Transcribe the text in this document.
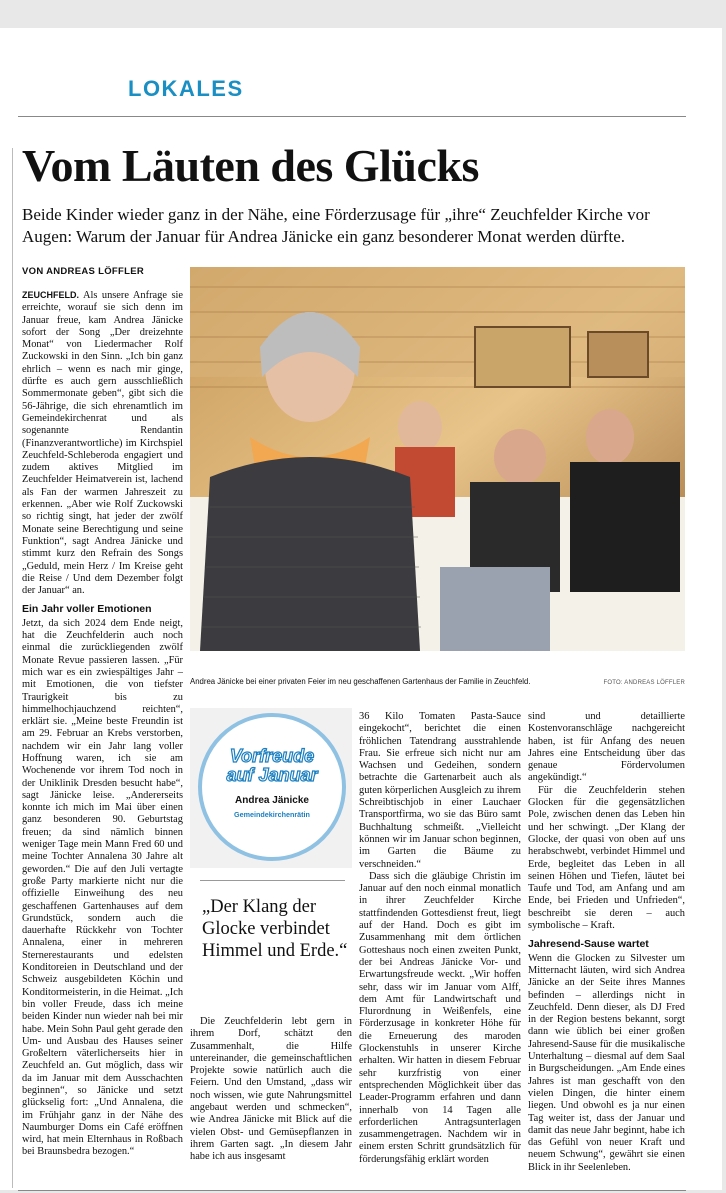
LOKALES
Vom Läuten des Glücks
Beide Kinder wieder ganz in der Nähe, eine Förderzusage für „ihre“ Zeuchfelder Kirche vor Augen: Warum der Januar für Andrea Jänicke ein ganz besonderer Monat werden dürfte.
VON ANDREAS LÖFFLER

ZEUCHFELD. Als unsere Anfrage sie erreichte, worauf sie sich denn im Januar freue, kam Andrea Jänicke sofort der Song „Der dreizehnte Monat“ von Liedermacher Rolf Zuckowski in den Sinn. „Ich bin ganz ehrlich – wenn es nach mir ginge, dürfte es auch gern ausschließlich Sommermonate geben“, gibt sich die 56-Jährige, die sich ehrenamtlich im Gemeindekirchenrat und als sogenannte Rendantin (Finanzverantwortliche) im Kirchspiel Zeuchfeld-Schleberoda engagiert und zudem aktives Mitglied im Zeuchfelder Heimatverein ist, lachend als Fan der warmen Jahreszeit zu erkennen. „Aber wie Rolf Zuckowski so richtig singt, hat jeder der zwölf Monate seine Berechtigung und seine Funktion“, sagt Andrea Jänicke und stimmt kurz den Refrain des Songs „Geduld, mein Herz / Im Kreise geht die Reise / Und dem Dezember folgt der Januar“ an.

Ein Jahr voller Emotionen

Jetzt, da sich 2024 dem Ende neigt, hat die Zeuchfelderin auch noch einmal die zurückliegenden zwölf Monate Revue passieren lassen. „Für mich war es ein zwiespältiges Jahr – mit Emotionen, die von tiefster Traurigkeit bis zu himmelhochjauchzend reichten“, erklärt sie. „Meine beste Freundin ist am 29. Februar an Krebs verstorben, nachdem wir ein Jahr lang voller Hoffnung waren, ich sie am Wochenende vor ihrem Tod noch in der Uniklinik Dresden besucht habe“, sagt Jänicke leise. „Andererseits konnte ich mich im Mai über einen ganz besonderen 90. Geburtstag freuen; da sind nämlich binnen weniger Tage mein Mann Fred 60 und meine Tochter Annalena 30 Jahre alt geworden.“ Die auf den Juli vertagte große Party markierte nicht nur die offizielle Einweihung des neu geschaffenen Gartenhauses auf dem Grundstück, sondern auch die dauerhafte Rückkehr von Tochter Annalena, einer in mehreren Sternerestaurants und edelsten Konditoreien in Deutschland und der Schweiz ausgebildeten Köchin und Konditormeisterin, in die Heimat. „Ich bin voller Freude, dass ich meine beiden Kinder nun wieder nah bei mir habe. Mein Sohn Paul geht gerade den Um- und Ausbau des Hauses seiner Großeltern väterlicherseits hier in Zeuchfeld an. Gut möglich, dass wir da im Januar mit dem Ausschachten beginnen“, so Jänicke und setzt glückselig fort: „Und Annalena, die im Frühjahr ganz in der Nähe des Naumburger Doms ein Café eröffnen wird, hat mein Elternhaus in Roßbach bei Braunsbedra bezogen.“

Andrea Jänicke bei einer privaten Feier im neu geschaffenen Gartenhaus der Familie in Zeuchfeld.	FOTO: ANDREAS LÖFFLER
Vorfreude
auf Januar
Andrea Jänicke
Gemeindekirchenrätin
„Der Klang der Glocke verbindet Himmel und Erde.“

Die Zeuchfelderin lebt gern in ihrem Dorf, schätzt den Zusammenhalt, die Hilfe untereinander, die gemeinschaftlichen Projekte sowie natürlich auch die Feiern. Und den Umstand, „dass wir noch wissen, wie gute Nahrungsmittel angebaut werden und schmecken“, wie Andrea Jänicke mit Blick auf die vielen Obst- und Gemüsepflanzen in ihrem Garten sagt. „In diesem Jahr habe ich aus insgesamt

36 Kilo Tomaten Pasta-Sauce eingekocht“, berichtet die einen fröhlichen Tatendrang ausstrahlende Frau. Sie erfreue sich nicht nur am Wachsen und Gedeihen, sondern betrachte die Gartenarbeit auch als guten körperlichen Ausgleich zu ihrem Schreibtischjob in einer Lauchaer Transportfirma, wo sie das Büro samt Buchhaltung schmeißt. „Vielleicht können wir im Januar schon beginnen, im Garten die Bäume zu verschneiden.“

Dass sich die gläubige Christin im Januar auf den noch einmal monatlich in ihrer Zeuchfelder Kirche stattfindenden Gottesdienst freut, liegt auf der Hand. Doch es gibt im Zusammenhang mit dem örtlichen Gotteshaus noch einen zweiten Punkt, der bei Andreas Jänicke Vor- und Erwartungsfreude weckt. „Wir hoffen sehr, dass wir im Januar vom Alff, dem Amt für Landwirtschaft und Flurordnung in Weißenfels, eine Förderzusage in konkreter Höhe für die Erneuerung des maroden Glockenstuhls in unserer Kirche erhalten. Wir hatten in diesem Februar sehr kurzfristig von einer entsprechenden Möglichkeit über das Leader-Programm erfahren und dann innerhalb von 14 Tagen alle erforderlichen Antragsunterlagen zusammengetragen. Nachdem wir in einem ersten Schritt grundsätzlich für förderungsfähig erklärt worden

sind und detaillierte Kostenvoranschläge nachgereicht haben, ist für Anfang des neuen Jahres eine Entscheidung über das genaue Fördervolumen angekündigt.“

Für die Zeuchfelderin stehen Glocken für die gegensätzlichen Pole, zwischen denen das Leben hin und her schwingt. „Der Klang der Glocke, der quasi von oben auf uns herabschwebt, verbindet Himmel und Erde, begleitet das Leben in all seinen Höhen und Tiefen, läutet bei Taufe und Tod, am Anfang und am Ende, bei Frieden und Unfrieden“, beschreibt sie deren – auch symbolische – Kraft.

Jahresend-Sause wartet

Wenn die Glocken zu Silvester um Mitternacht läuten, wird sich Andrea Jänicke an der Seite ihres Mannes befinden – allerdings nicht in Zeuchfeld. Denn dieser, als DJ Fred in der Region bestens bekannt, sorgt dann wie üblich bei einer großen Jahresend-Sause für die musikalische Unterhaltung – diesmal auf dem Saal in Burgscheidungen. „Am Ende eines Jahres ist man geschafft von den vielen Dingen, die hinter einem liegen. Und obwohl es ja nur einen Tag weiter ist, dass der Januar und damit das neue Jahr beginnt, habe ich das Gefühl von neuer Kraft und neuem Schwung“, gewährt sie einen Blick in ihr Seelenleben.
